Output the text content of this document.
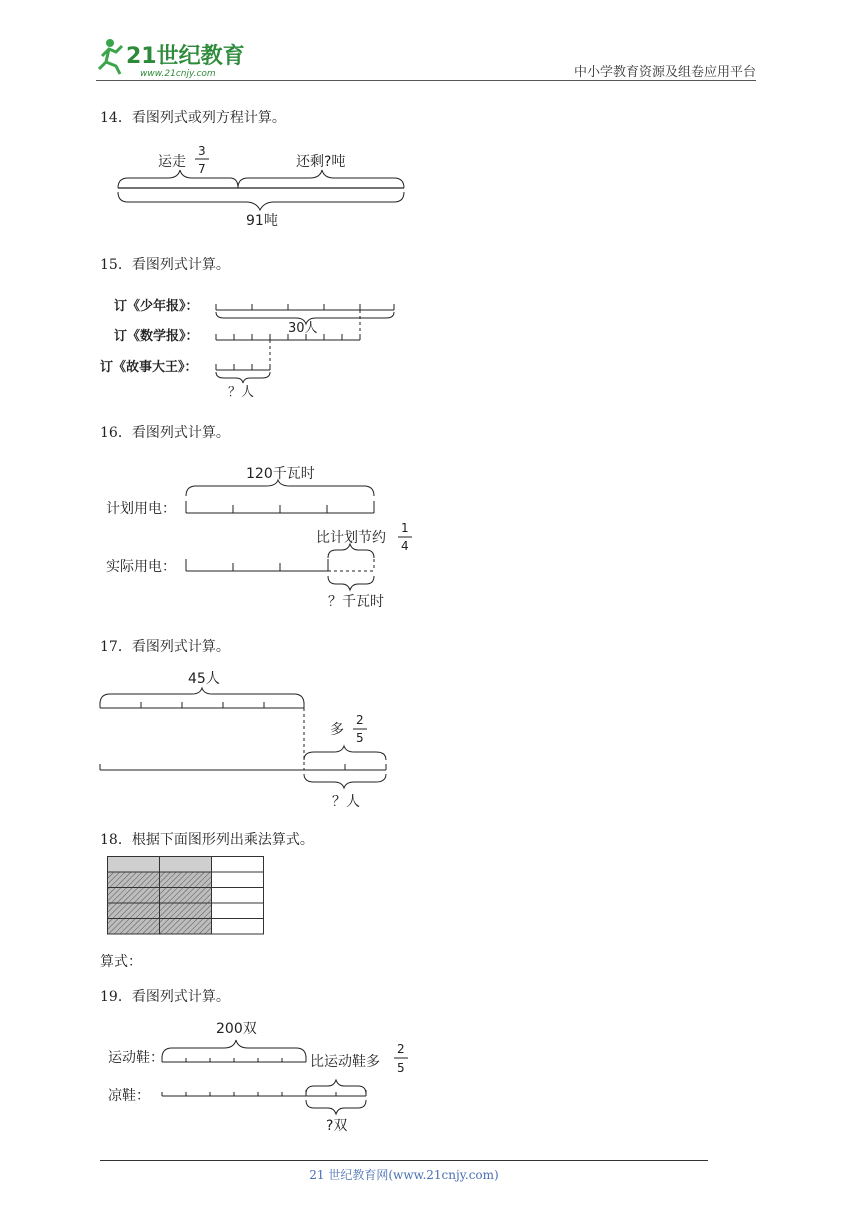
21世纪教育
www.21cnjy.com	中小学教育资源及组卷应用平台
14．看图列式或列方程计算。
运走
3
7	还剩?吨
91吨
15．看图列式计算。
订《少年报》：
订《数学报》：
订《故事大王》：
30人
？人
16．看图列式计算。
120千瓦时
计划用电：
比计划节约
1
4
实际用电：
？千瓦时
17．看图列式计算。
45人
多
2
5
？人
18．根据下面图形列出乘法算式。
算式：
19．看图列式计算。
200双
运动鞋：	比运动鞋多
2
5
凉鞋：
?双
21 世纪教育网(www.21cnjy.com)
